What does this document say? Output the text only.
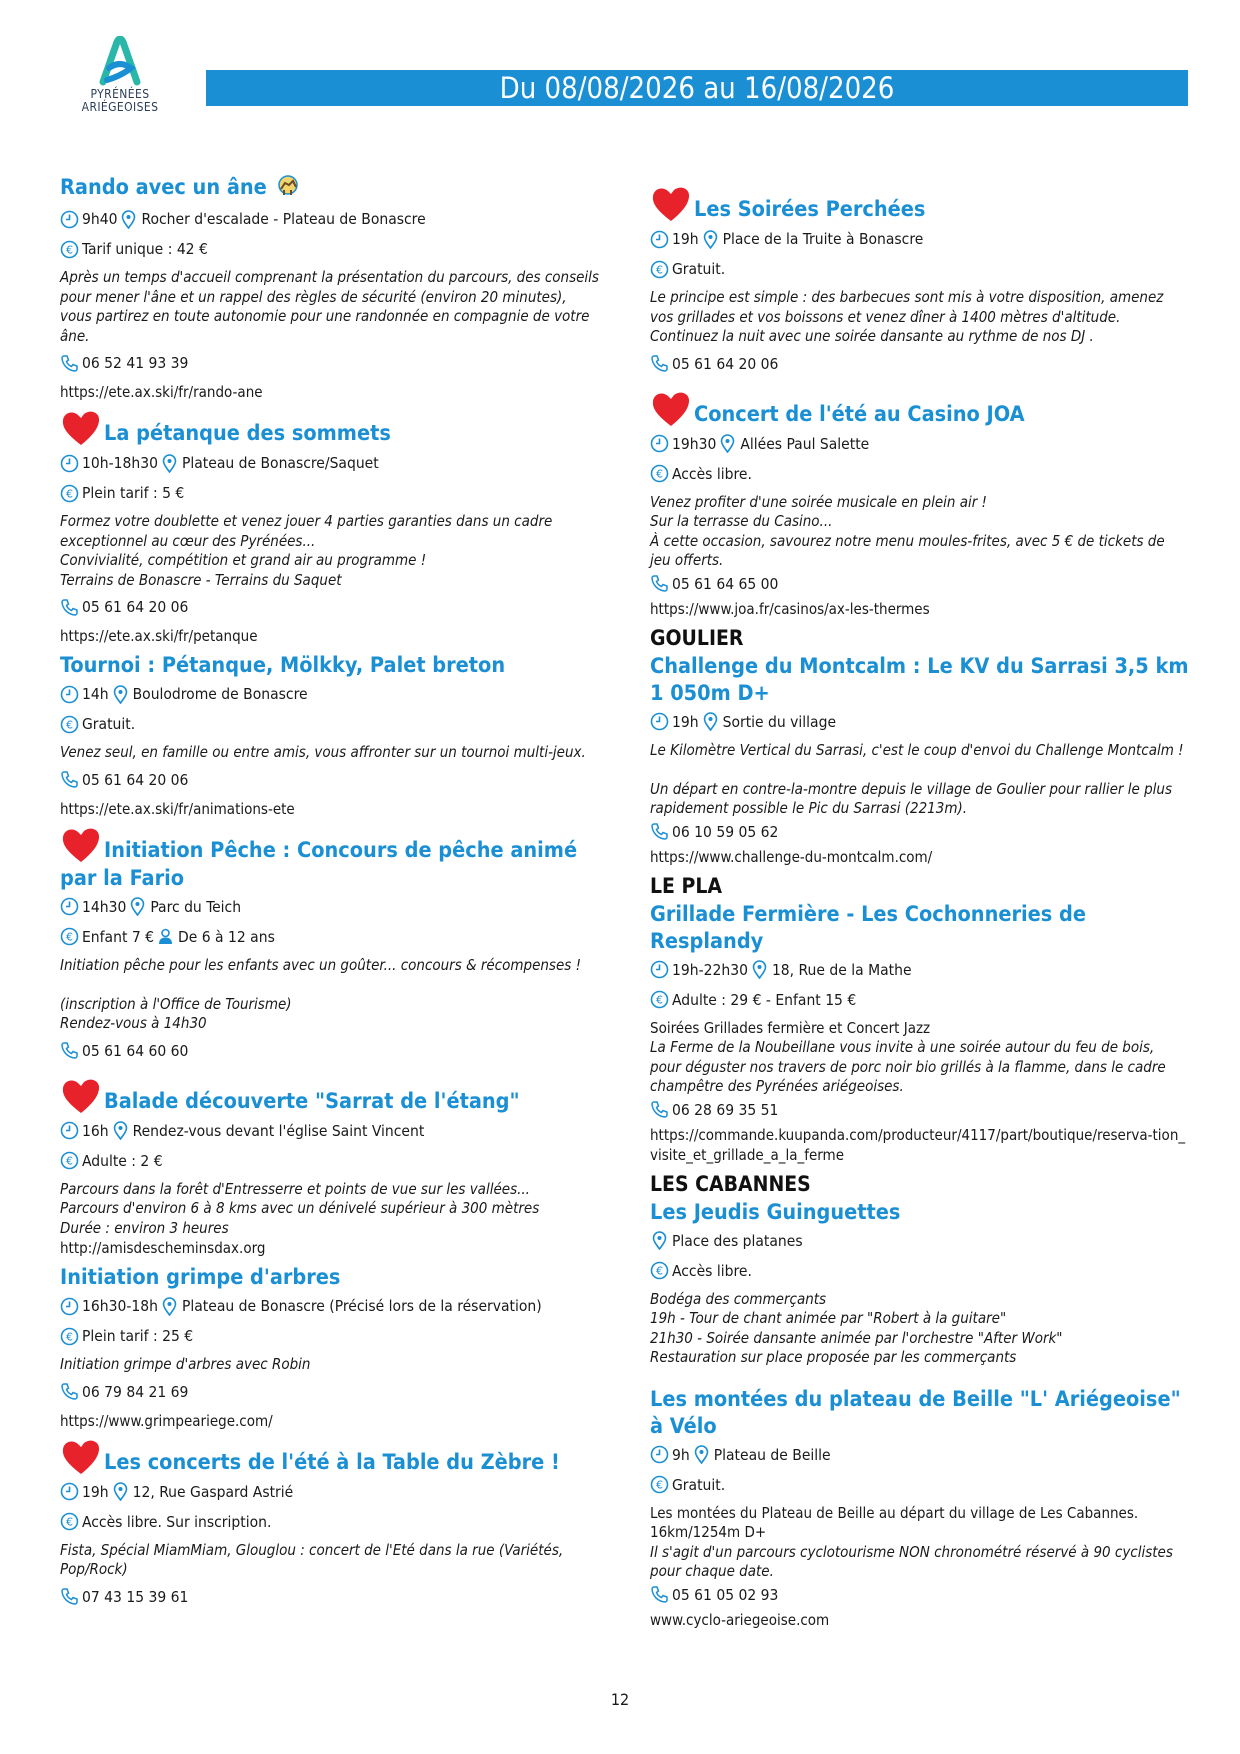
PYRÉNÉES
ARIÉGEOISES
Du 08/08/2026 au 16/08/2026
Rando avec un âne
9h40 Rocher d'escalade - Plateau de Bonascre
€ Tarif unique : 42 €
Après un temps d'accueil comprenant la présentation du parcours, des conseils
pour mener l'âne et un rappel des règles de sécurité (environ 20 minutes),
vous partirez en toute autonomie pour une randonnée en compagnie de votre
âne.
06 52 41 93 39
https://ete.ax.ski/fr/rando-ane
La pétanque des sommets
10h-18h30 Plateau de Bonascre/Saquet
€ Plein tarif : 5 €
Formez votre doublette et venez jouer 4 parties garanties dans un cadre
exceptionnel au cœur des Pyrénées...
Convivialité, compétition et grand air au programme !
Terrains de Bonascre - Terrains du Saquet
05 61 64 20 06
https://ete.ax.ski/fr/petanque
Tournoi : Pétanque, Mölkky, Palet breton
14h Boulodrome de Bonascre
€ Gratuit.
Venez seul, en famille ou entre amis, vous affronter sur un tournoi multi-jeux.
05 61 64 20 06
https://ete.ax.ski/fr/animations-ete
Initiation Pêche : Concours de pêche animé par la Fario
14h30 Parc du Teich
€ Enfant 7 € De 6 à 12 ans
Initiation pêche pour les enfants avec un goûter... concours & récompenses !

(inscription à l'Office de Tourisme)
Rendez-vous à 14h30
05 61 64 60 60
Balade découverte "Sarrat de l'étang"
16h Rendez-vous devant l'église Saint Vincent
€ Adulte : 2 €
Parcours dans la forêt d'Entresserre et points de vue sur les vallées...
Parcours d'environ 6 à 8 kms avec un dénivelé supérieur à 300 mètres
Durée : environ 3 heures
http://amisdescheminsdax.org
Initiation grimpe d'arbres
16h30-18h Plateau de Bonascre (Précisé lors de la réservation)
€ Plein tarif : 25 €
Initiation grimpe d'arbres avec Robin
06 79 84 21 69
https://www.grimpeariege.com/
Les concerts de l'été à la Table du Zèbre !
19h 12, Rue Gaspard Astrié
€ Accès libre. Sur inscription.
Fista, Spécial MiamMiam, Glouglou : concert de l'Eté dans la rue (Variétés,
Pop/Rock)
07 43 15 39 61
Les Soirées Perchées
19h Place de la Truite à Bonascre
€ Gratuit.
Le principe est simple : des barbecues sont mis à votre disposition, amenez
vos grillades et vos boissons et venez dîner à 1400 mètres d'altitude.
Continuez la nuit avec une soirée dansante au rythme de nos DJ .
05 61 64 20 06
Concert de l'été au Casino JOA
19h30 Allées Paul Salette
€ Accès libre.
Venez profiter d'une soirée musicale en plein air !
Sur la terrasse du Casino...
À cette occasion, savourez notre menu moules-frites, avec 5 € de tickets de
jeu offerts.
05 61 64 65 00
https://www.joa.fr/casinos/ax-les-thermes
GOULIER
Challenge du Montcalm : Le KV du Sarrasi 3,5 km 1 050m D+
19h Sortie du village
Le Kilomètre Vertical du Sarrasi, c'est le coup d'envoi du Challenge Montcalm !

Un départ en contre-la-montre depuis le village de Goulier pour rallier le plus
rapidement possible le Pic du Sarrasi (2213m).
06 10 59 05 62
https://www.challenge-du-montcalm.com/
LE PLA
Grillade Fermière - Les Cochonneries de Resplandy
19h-22h30 18, Rue de la Mathe
€ Adulte : 29 € - Enfant 15 €
Soirées Grillades fermière et Concert Jazz
La Ferme de la Noubeillane vous invite à une soirée autour du feu de bois,
pour déguster nos travers de porc noir bio grillés à la flamme, dans le cadre
champêtre des Pyrénées ariégeoises.
06 28 69 35 51
https://commande.kuupanda.com/producteur/4117/part/boutique/reserva-tion_visite_et_grillade_a_la_ferme
LES CABANNES
Les Jeudis Guinguettes
Place des platanes
€ Accès libre.
Bodéga des commerçants
19h - Tour de chant animée par "Robert à la guitare"
21h30 - Soirée dansante animée par l'orchestre "After Work"
Restauration sur place proposée par les commerçants
Les montées du plateau de Beille "L' Ariégeoise" à Vélo
9h Plateau de Beille
€ Gratuit.
Les montées du Plateau de Beille au départ du village de Les Cabannes.
16km/1254m D+
Il s'agit d'un parcours cyclotourisme NON chronométré réservé à 90 cyclistes
pour chaque date.
05 61 05 02 93
www.cyclo-ariegeoise.com
12
